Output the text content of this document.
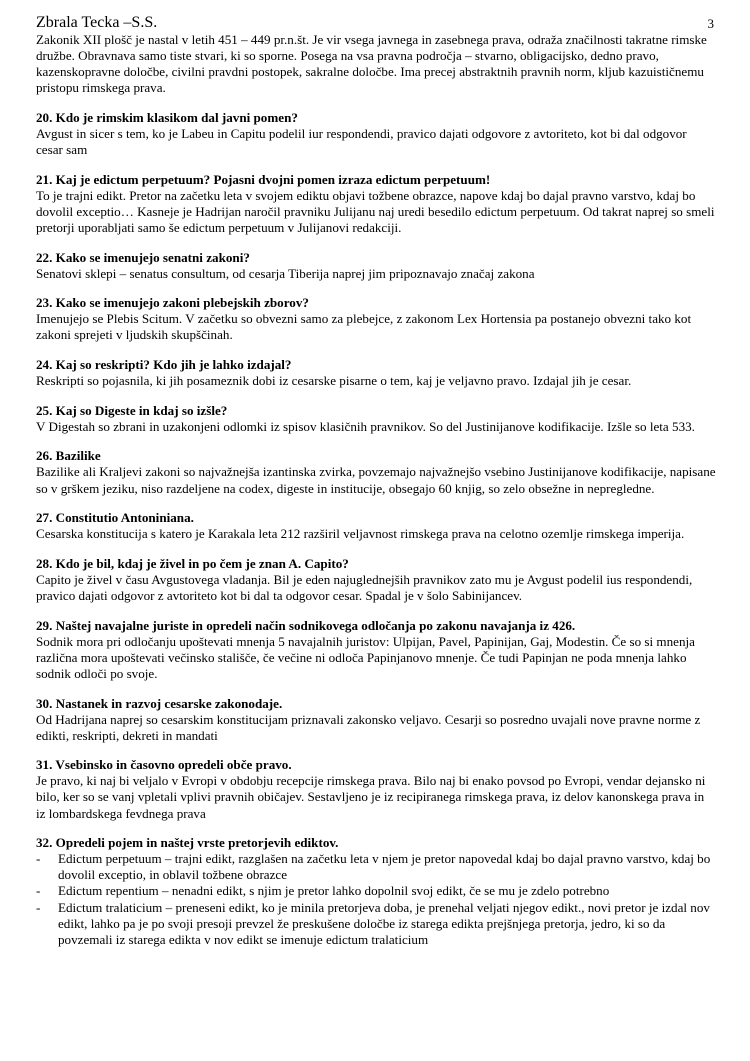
3
Zbrala Tecka –S.S.

Zakonik XII plošč je nastal v letih 451 – 449 pr.n.št. Je vir vsega javnega in zasebnega prava, odraža značilnosti takratne rimske družbe. Obravnava samo tiste stvari, ki so sporne. Posega na vsa pravna področja – stvarno, obligacijsko, dedno pravo, kazenskopravne določbe, civilni pravdni postopek, sakralne določbe. Ima precej abstraktnih pravnih norm, kljub kazuističnemu pristopu rimskega prava.

20. Kdo je rimskim klasikom dal javni pomen?

Avgust in sicer s tem, ko je Labeu in Capitu podelil iur respondendi, pravico dajati odgovore z avtoriteto, kot bi dal odgovor cesar sam

21. Kaj je edictum perpetuum? Pojasni dvojni pomen izraza edictum perpetuum!

To je trajni edikt. Pretor na začetku leta v svojem ediktu objavi tožbene obrazce, napove kdaj bo dajal pravno varstvo, kdaj bo dovolil exceptio… Kasneje je Hadrijan naročil pravniku Julijanu naj uredi besedilo edictum perpetuum. Od takrat naprej so smeli pretorji uporabljati samo še edictum perpetuum v Julijanovi redakciji.

22. Kako se imenujejo senatni zakoni?

Senatovi sklepi – senatus consultum, od cesarja Tiberija naprej jim pripoznavajo značaj zakona

23. Kako se imenujejo zakoni plebejskih zborov?

Imenujejo se Plebis Scitum. V začetku so obvezni samo za plebejce, z zakonom Lex Hortensia pa postanejo obvezni tako kot zakoni sprejeti v ljudskih skupščinah.

24. Kaj so reskripti? Kdo jih je lahko izdajal?

Reskripti so pojasnila, ki jih posameznik dobi iz cesarske pisarne o tem, kaj je veljavno pravo. Izdajal jih je cesar.

25. Kaj so Digeste in kdaj so izšle?

V Digestah so zbrani in uzakonjeni odlomki iz spisov klasičnih pravnikov. So del Justinijanove kodifikacije. Izšle so leta 533.

26. Bazilike

Bazilike ali Kraljevi zakoni so najvažnejša izantinska zvirka, povzemajo najvažnejšo vsebino Justinijanove kodifikacije, napisane so v grškem jeziku, niso razdeljene na codex, digeste in institucije, obsegajo 60 knjig, so zelo obsežne in nepregledne.

27. Constitutio Antoniniana.

Cesarska konstitucija s katero je Karakala leta 212 razširil veljavnost rimskega prava na celotno ozemlje rimskega imperija.

28. Kdo je bil, kdaj je živel in po čem je znan A. Capito?

Capito je živel v času Avgustovega vladanja. Bil je eden najuglednejših pravnikov zato mu je Avgust podelil ius respondendi, pravico dajati odgovor z avtoriteto kot bi dal ta odgovor cesar. Spadal je v šolo Sabinijancev.

29. Naštej navajalne juriste in opredeli način sodnikovega odločanja po zakonu navajanja iz 426.

Sodnik mora pri odločanju upoštevati mnenja 5 navajalnih juristov: Ulpijan, Pavel, Papinijan, Gaj, Modestin. Če so si mnenja različna mora upoštevati večinsko stališče, če večine ni odloča Papinjanovo mnenje. Če tudi Papinjan ne poda mnenja lahko sodnik odloči po svoje.

30. Nastanek in razvoj cesarske zakonodaje.

Od Hadrijana naprej so cesarskim konstitucijam priznavali zakonsko veljavo. Cesarji so posredno uvajali nove pravne norme z edikti, reskripti, dekreti in mandati

31. Vsebinsko in časovno opredeli obče pravo.

Je pravo, ki naj bi veljalo v Evropi v obdobju recepcije rimskega prava. Bilo naj bi enako povsod po Evropi, vendar dejansko ni bilo, ker so se vanj vpletali vplivi pravnih običajev. Sestavljeno je iz recipiranega rimskega prava, iz delov kanonskega prava in iz lombardskega fevdnega prava

32. Opredeli pojem in naštej vrste pretorjevih ediktov.
- Edictum perpetuum – trajni edikt, razglašen na začetku leta v njem je pretor napovedal kdaj bo dajal pravno varstvo, kdaj bo dovolil exceptio, in oblavil tožbene obrazce
- Edictum repentium – nenadni edikt, s njim je pretor lahko dopolnil svoj edikt, če se mu je zdelo potrebno
- Edictum tralaticium – preneseni edikt, ko je minila pretorjeva doba, je prenehal veljati njegov edikt., novi pretor je izdal nov edikt, lahko pa je po svoji presoji prevzel že preskušene določbe iz starega edikta prejšnjega pretorja, jedro, ki so da povzemali iz starega edikta v nov edikt se imenuje edictum tralaticium
